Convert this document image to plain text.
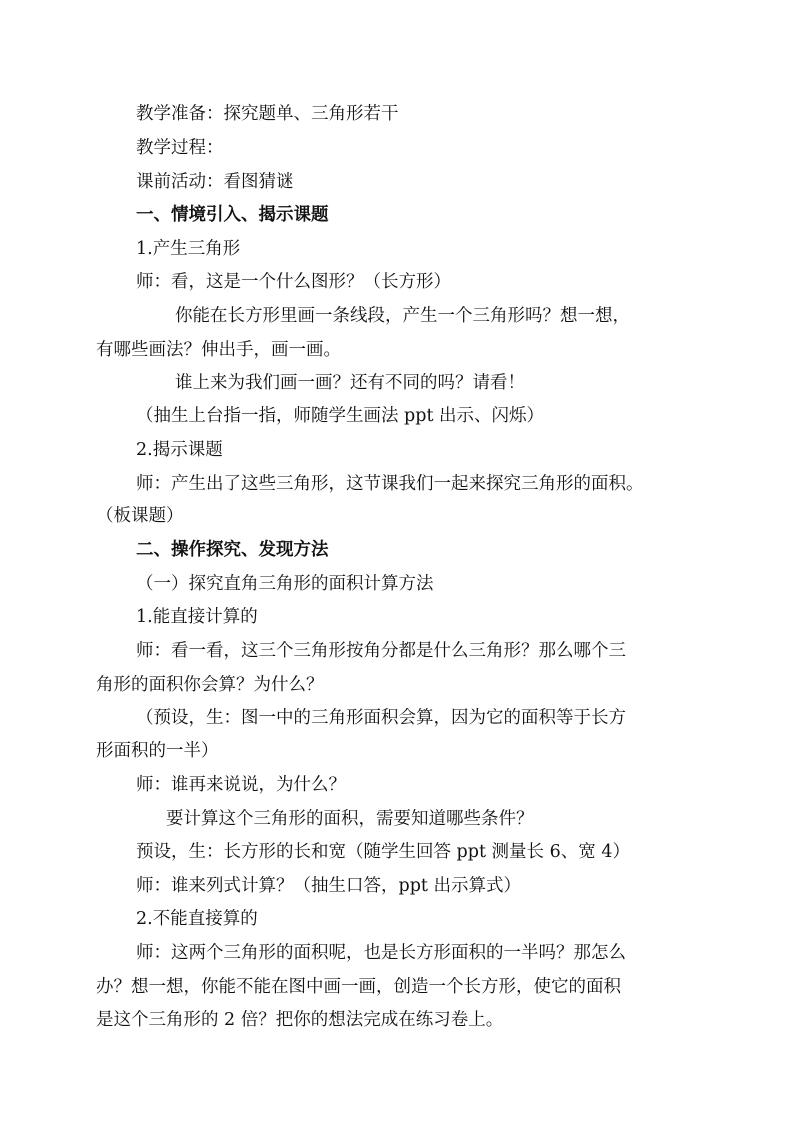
教学准备：探究题单、三角形若干
教学过程：
课前活动：看图猜谜
一、情境引入、揭示课题
1.产生三角形
师：看，这是一个什么图形？（长方形）
你能在长方形里画一条线段，产生一个三角形吗？想一想，
有哪些画法？伸出手，画一画。
谁上来为我们画一画？还有不同的吗？请看！
（抽生上台指一指，师随学生画法 ppt 出示、闪烁）
2.揭示课题
师：产生出了这些三角形，这节课我们一起来探究三角形的面积。
（板课题）
二、操作探究、发现方法
（一）探究直角三角形的面积计算方法
1.能直接计算的
师：看一看，这三个三角形按角分都是什么三角形？那么哪个三
角形的面积你会算？为什么？
（预设，生：图一中的三角形面积会算，因为它的面积等于长方
形面积的一半）
师：谁再来说说，为什么？
要计算这个三角形的面积，需要知道哪些条件？
预设，生：长方形的长和宽（随学生回答 ppt 测量长 6、宽 4）
师：谁来列式计算？（抽生口答，ppt 出示算式）
2.不能直接算的
师：这两个三角形的面积呢，也是长方形面积的一半吗？那怎么
办？想一想，你能不能在图中画一画，创造一个长方形，使它的面积
是这个三角形的 2 倍？把你的想法完成在练习卷上。
